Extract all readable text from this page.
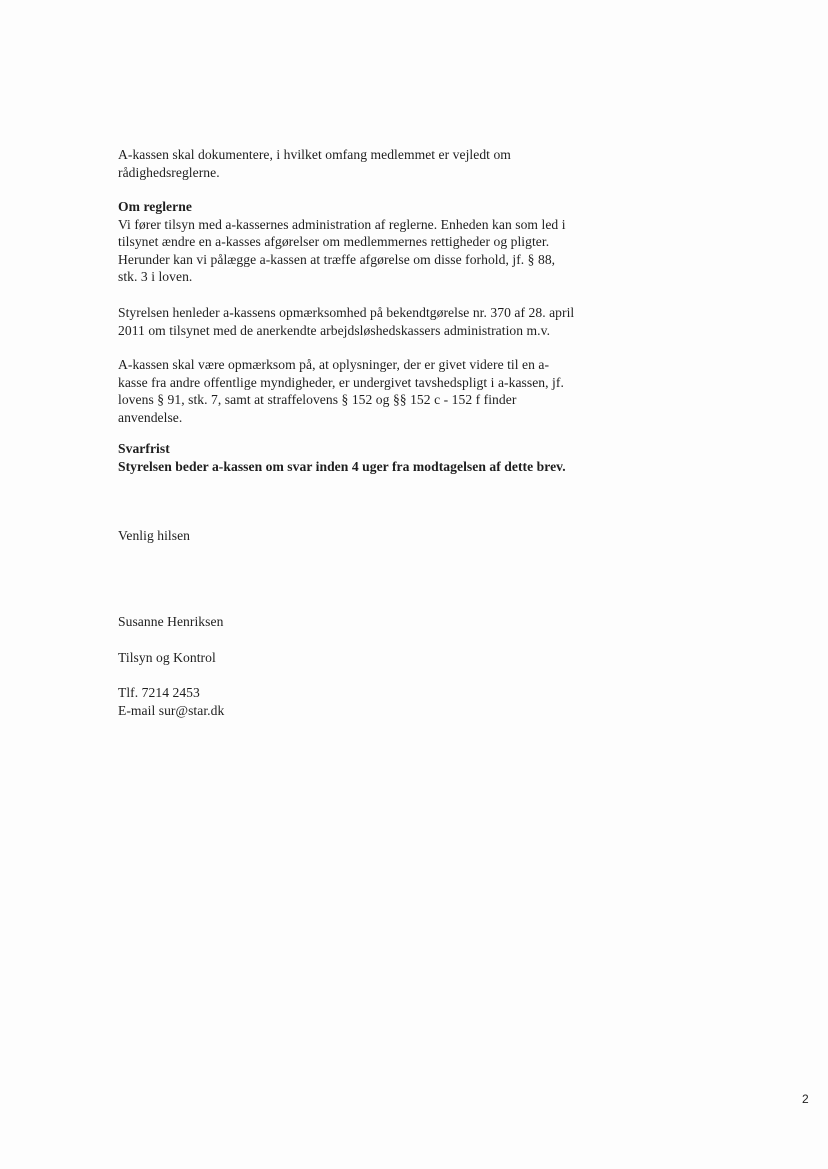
A-kassen skal dokumentere, i hvilket omfang medlemmet er vejledt om

rådighedsreglerne.

Om reglerne

Vi fører tilsyn med a-kassernes administration af reglerne. Enheden kan som led i

tilsynet ændre en a-kasses afgørelser om medlemmernes rettigheder og pligter.

Herunder kan vi pålægge a-kassen at træffe afgørelse om disse forhold, jf. § 88,

stk. 3 i loven.

Styrelsen henleder a-kassens opmærksomhed på bekendtgørelse nr. 370 af 28. april

2011 om tilsynet med de anerkendte arbejdsløshedskassers administration m.v.

A-kassen skal være opmærksom på, at oplysninger, der er givet videre til en a-

kasse fra andre offentlige myndigheder, er undergivet tavshedspligt i a-kassen, jf.

lovens § 91, stk. 7, samt at straffelovens § 152 og §§ 152 c - 152 f finder

anvendelse.

Svarfrist

Styrelsen beder a-kassen om svar inden 4 uger fra modtagelsen af dette brev.

Venlig hilsen

Susanne Henriksen

Tilsyn og Kontrol

Tlf. 7214 2453

E-mail sur@star.dk

2
